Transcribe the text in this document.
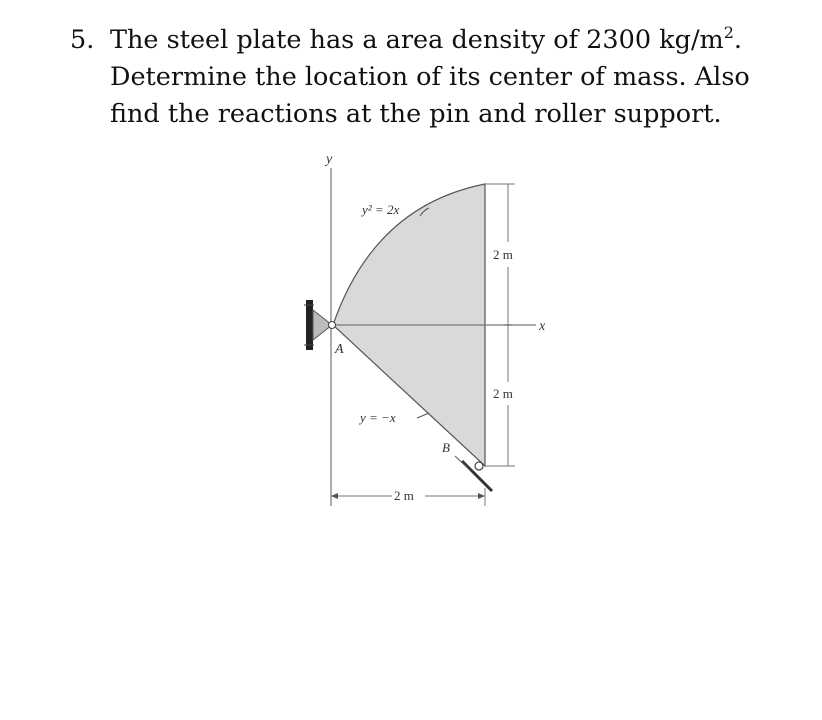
5. The steel plate has a area density of 2300 $kg/m^2$.
Determine the location of its center of mass. Also
find the reactions at the pin and roller support.
y
x
A
B
y² = 2x
y = −x
2 m
2 m
2 m
